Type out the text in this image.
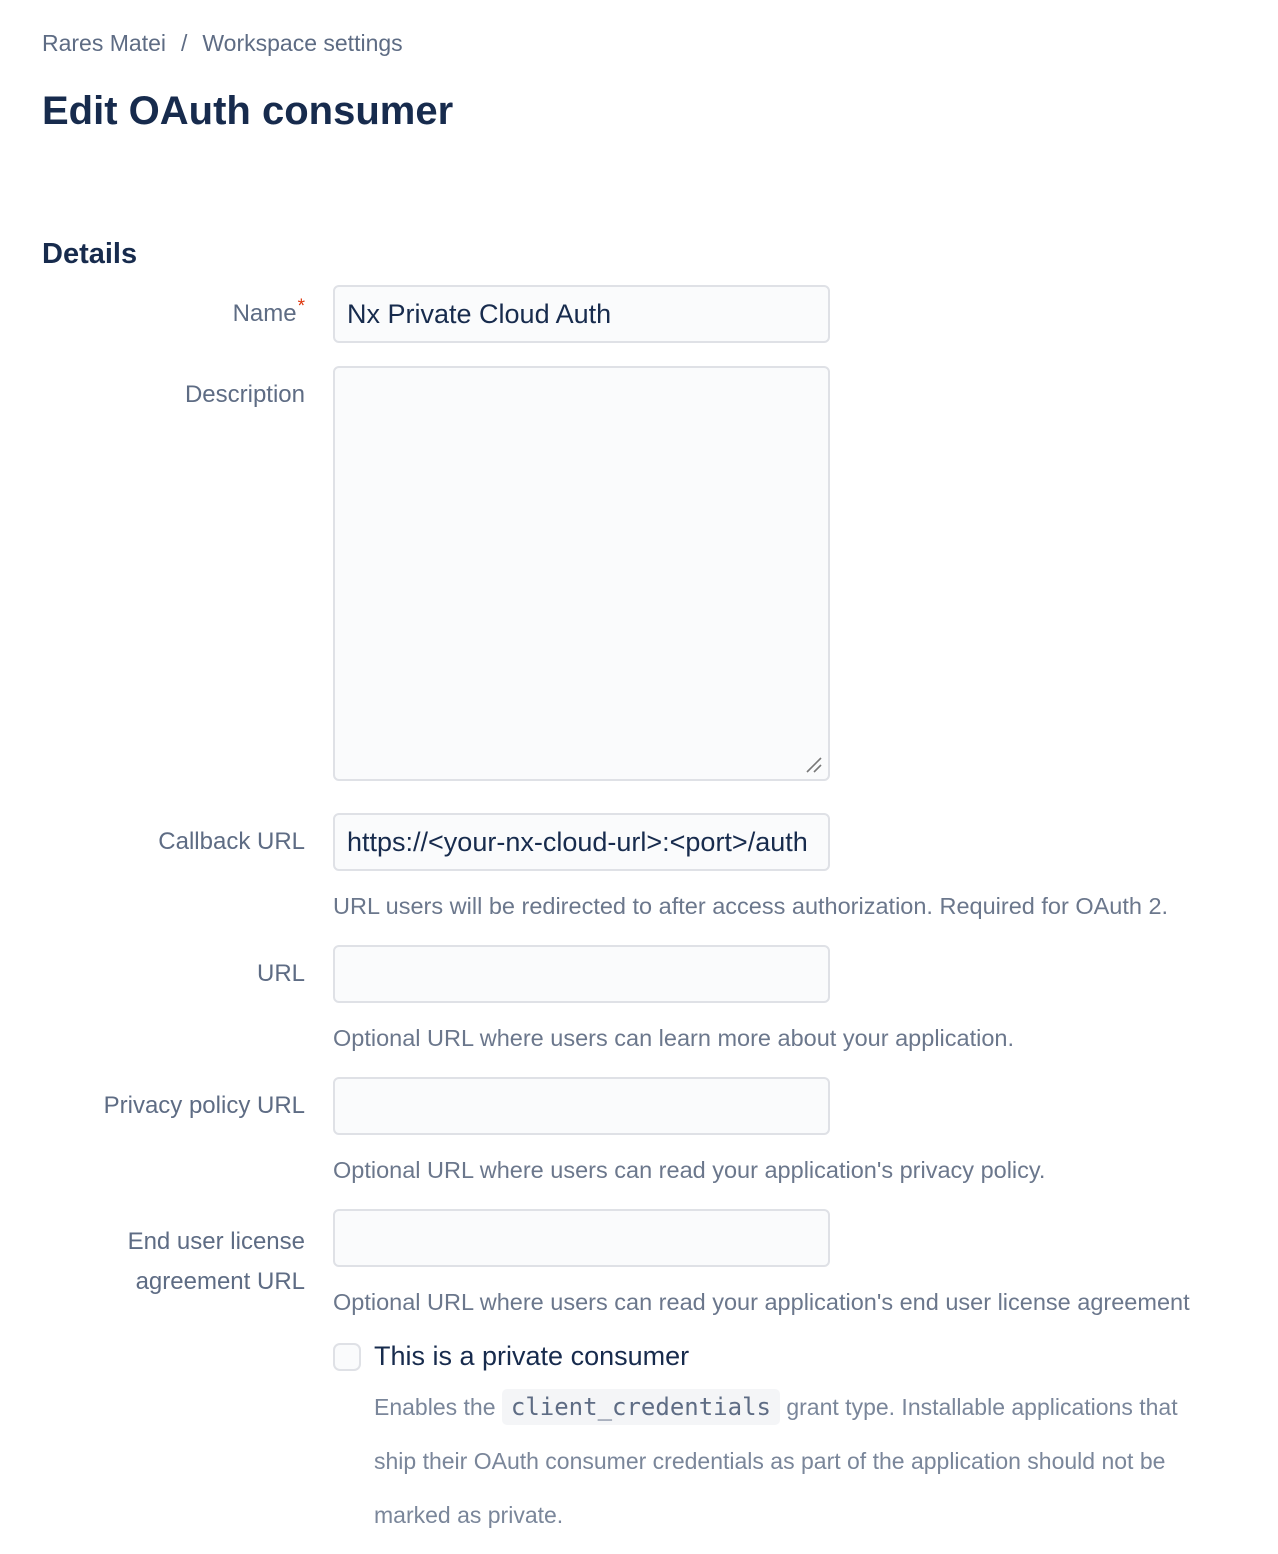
Rares Matei / Workspace settings
Edit OAuth consumer
Details
Name*
Nx Private Cloud Auth
Description
Callback URL
https://<your-nx-cloud-url>:<port>/auth
URL users will be redirected to after access authorization. Required for OAuth 2.
URL
Optional URL where users can learn more about your application.
Privacy policy URL
Optional URL where users can read your application's privacy policy.
End user license agreement URL
Optional URL where users can read your application's end user license agreement
This is a private consumer

Enables the client_credentials grant type. Installable applications that ship their OAuth consumer credentials as part of the application should not be marked as private.
